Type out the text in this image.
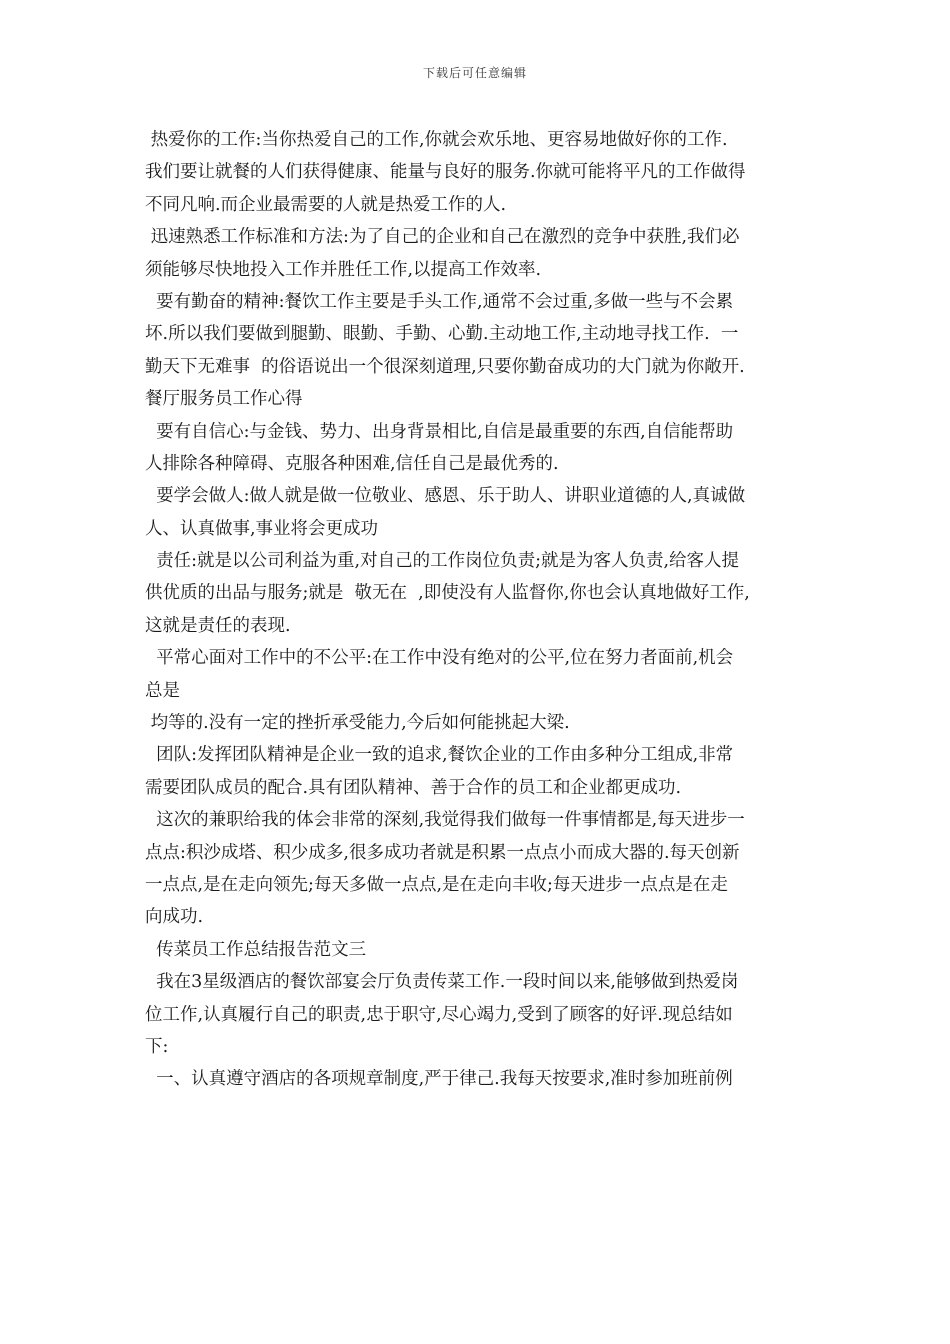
下载后可任意编辑
热爱你的工作:当你热爱自己的工作,你就会欢乐地、更容易地做好你的工作.
我们要让就餐的人们获得健康、能量与良好的服务.你就可能将平凡的工作做得
不同凡响.而企业最需要的人就是热爱工作的人.
迅速熟悉工作标准和方法:为了自己的企业和自己在激烈的竞争中获胜,我们必
须能够尽快地投入工作并胜任工作,以提高工作效率.
要有勤奋的精神:餐饮工作主要是手头工作,通常不会过重,多做一些与不会累
坏.所以我们要做到腿勤、眼勤、手勤、心勤.主动地工作,主动地寻找工作.  一
勤天下无难事  的俗语说出一个很深刻道理,只要你勤奋成功的大门就为你敞开.
餐厅服务员工作心得
要有自信心:与金钱、势力、出身背景相比,自信是最重要的东西,自信能帮助
人排除各种障碍、克服各种困难,信任自己是最优秀的.
要学会做人:做人就是做一位敬业、感恩、乐于助人、讲职业道德的人,真诚做
人、认真做事,事业将会更成功
责任:就是以公司利益为重,对自己的工作岗位负责;就是为客人负责,给客人提
供优质的出品与服务;就是  敬无在  ,即使没有人监督你,你也会认真地做好工作,
这就是责任的表现.
平常心面对工作中的不公平:在工作中没有绝对的公平,位在努力者面前,机会
总是
均等的.没有一定的挫折承受能力,今后如何能挑起大梁.
团队:发挥团队精神是企业一致的追求,餐饮企业的工作由多种分工组成,非常
需要团队成员的配合.具有团队精神、善于合作的员工和企业都更成功.
这次的兼职给我的体会非常的深刻,我觉得我们做每一件事情都是,每天进步一
点点:积沙成塔、积少成多,很多成功者就是积累一点点小而成大器的.每天创新
一点点,是在走向领先;每天多做一点点,是在走向丰收;每天进步一点点是在走
向成功.
传菜员工作总结报告范文三
我在3星级酒店的餐饮部宴会厅负责传菜工作.一段时间以来,能够做到热爱岗
位工作,认真履行自己的职责,忠于职守,尽心竭力,受到了顾客的好评.现总结如
下:
一、认真遵守酒店的各项规章制度,严于律己.我每天按要求,准时参加班前例
